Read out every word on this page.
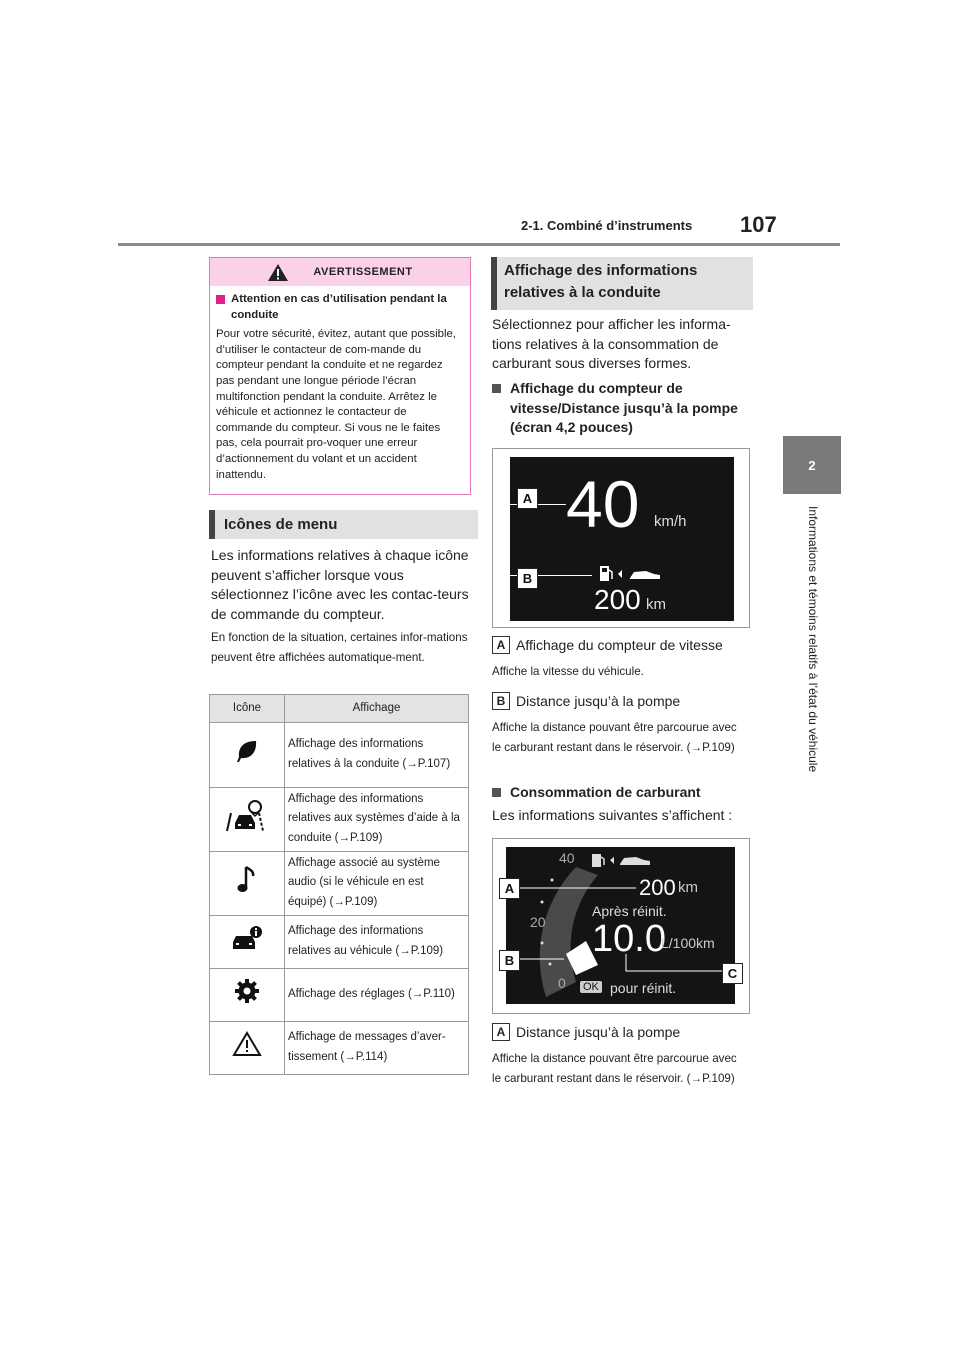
2-1. Combiné d’instruments 107
2
Informations et témoins relatifs à l’état du véhicule
AVERTISSEMENT
Attention en cas d’utilisation pendant la conduite
Pour votre sécurité, évitez, autant que possible, d’utiliser le contacteur de com-mande du compteur pendant la conduite et ne regardez pas pendant une longue période l’écran multifonction pendant la conduite. Arrêtez le véhicule et actionnez le contacteur de commande du compteur. Si vous ne le faites pas, cela pourrait pro-voquer une erreur d’actionnement du volant et un accident inattendu.
Icônes de menu
Les informations relatives à chaque icône peuvent s’afficher lorsque vous sélectionnez l’icône avec les contac-teurs de commande du compteur.
En fonction de la situation, certaines infor-mations peuvent être affichées automatique-ment.
Icône	Affichage
	Affichage des informations relatives à la conduite (→P.107)
	Affichage des informations relatives aux systèmes d’aide à la conduite (→P.109)
	Affichage associé au système audio (si le véhicule en est équipé) (→P.109)
	Affichage des informations relatives au véhicule (→P.109)
	Affichage des réglages (→P.110)
	Affichage de messages d’aver-tissement (→P.114)
Affichage des informations relatives à la conduite
Sélectionnez pour afficher les informa-tions relatives à la consommation de carburant sous diverses formes.
Affichage du compteur de vitesse/Distance jusqu’à la pompe (écran 4,2 pouces)
40 km/h
200 km
A
B
A Affichage du compteur de vitesse
Affiche la vitesse du véhicule.
B Distance jusqu’à la pompe
Affiche la distance pouvant être parcourue avec le carburant restant dans le réservoir. (→P.109)
Consommation de carburant
Les informations suivantes s’affichent :
40
20
0
200 km
Après réinit.
10.0
L/100km
OK pour réinit.
A
B
C
A Distance jusqu’à la pompe
Affiche la distance pouvant être parcourue avec le carburant restant dans le réservoir. (→P.109)
